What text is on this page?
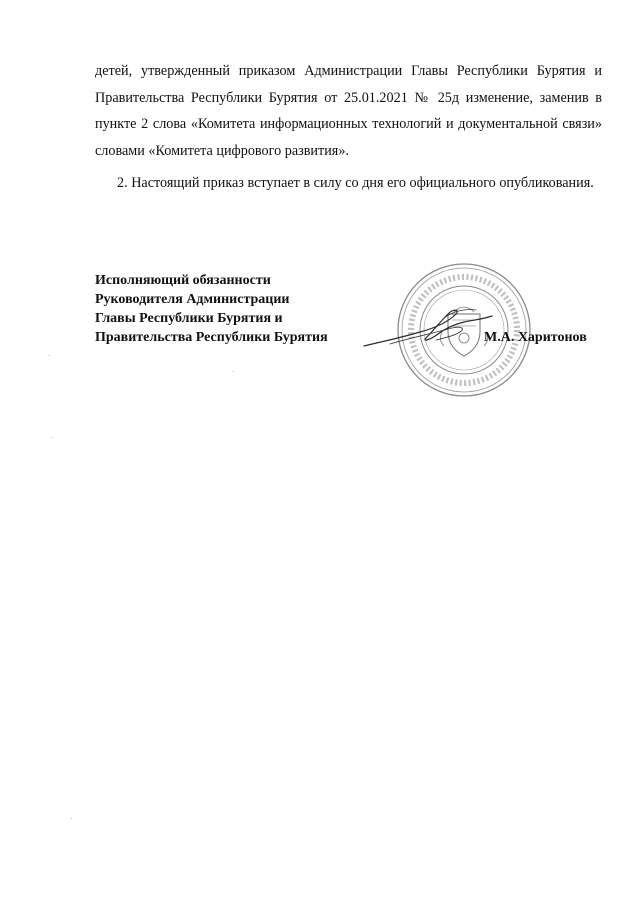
детей, утвержденный приказом Администрации Главы Республики Бурятия и Правительства Республики Бурятия от 25.01.2021 № 25д изменение, заменив в пункте 2 слова «Комитета информационных технологий и документальной связи» словами «Комитета цифрового развития».

2. Настоящий приказ вступает в силу со дня его официального опубликования.

Исполняющий обязанности
Руководителя Администрации
Главы Республики Бурятия и
Правительства Республики Бурятия	М.А. Харитонов
